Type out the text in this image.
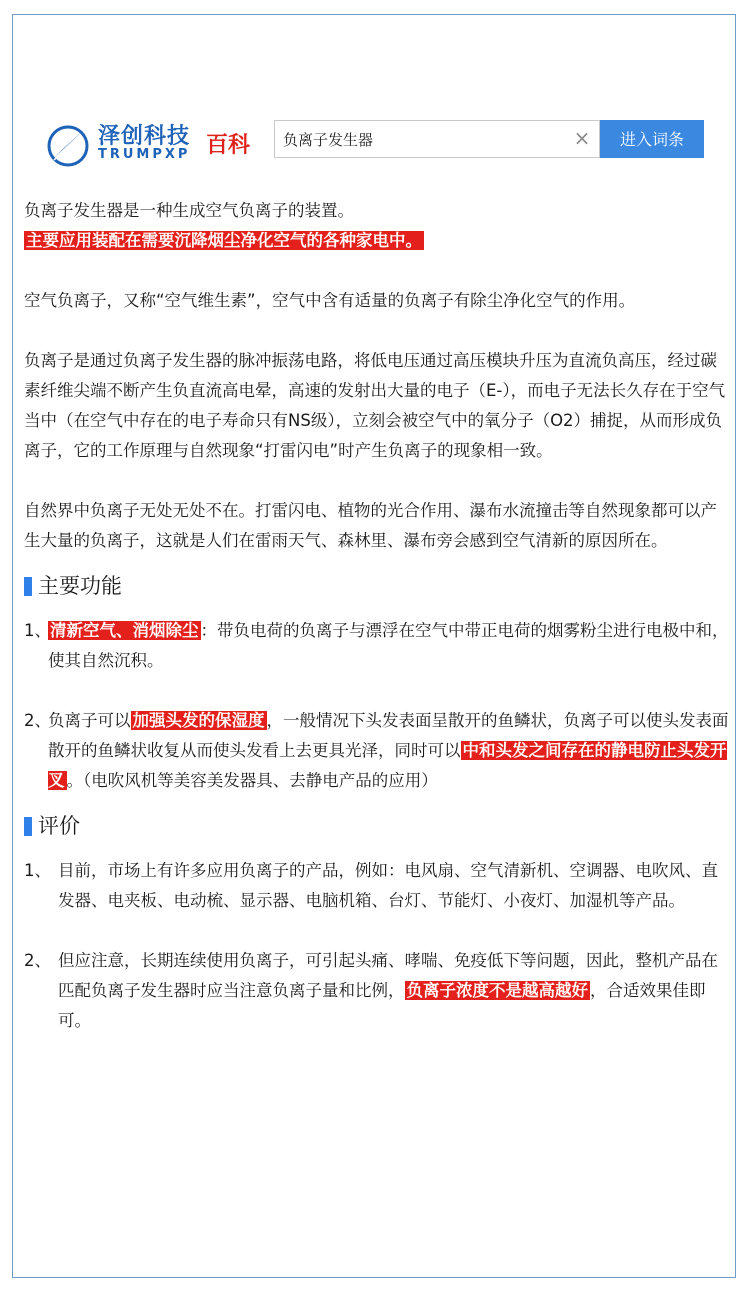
泽创科技
TRUMPXP 百科
负离子发生器	×	进入词条

负离子发生器是一种生成空气负离子的装置。

主要应用装配在需要沉降烟尘净化空气的各种家电中。

空气负离子，又称“空气维生素”，空气中含有适量的负离子有除尘净化空气的作用。

负离子是通过负离子发生器的脉冲振荡电路，将低电压通过高压模块升压为直流负高压，经过碳素纤维尖端不断产生负直流高电晕，高速的发射出大量的电子（E-），而电子无法长久存在于空气当中（在空气中存在的电子寿命只有NS级），立刻会被空气中的氧分子（O2）捕捉，从而形成负离子，它的工作原理与自然现象“打雷闪电”时产生负离子的现象相一致。

自然界中负离子无处无处不在。打雷闪电、植物的光合作用、瀑布水流撞击等自然现象都可以产生大量的负离子，这就是人们在雷雨天气、森林里、瀑布旁会感到空气清新的原因所在。

主要功能
1、 清新空气、消烟除尘 ：带负电荷的负离子与漂浮在空气中带正电荷的烟雾粉尘进行电极中和，使其自然沉积。
2、
负离子可以 加强头发的保湿度 ，一般情况下头发表面呈散开的鱼鳞状，负离子可以使头发表面散开的鱼鳞状收复从而使头发看上去更具光泽，同时可以 中和头发之间存在的静电防止头发开叉 。（电吹风机等美容美发器具、去静电产品的应用）
评价
1、 目前，市场上有许多应用负离子的产品，例如：电风扇、空气清新机、空调器、电吹风、直发器、电夹板、电动梳、显示器、电脑机箱、台灯、节能灯、小夜灯、加湿机等产品。
2、 但应注意，长期连续使用负离子，可引起头痛、哮喘、免疫低下等问题，因此，整机产品在匹配负离子发生器时应当注意负离子量和比例， 负离子浓度不是越高越好 ，合适效果佳即可。
